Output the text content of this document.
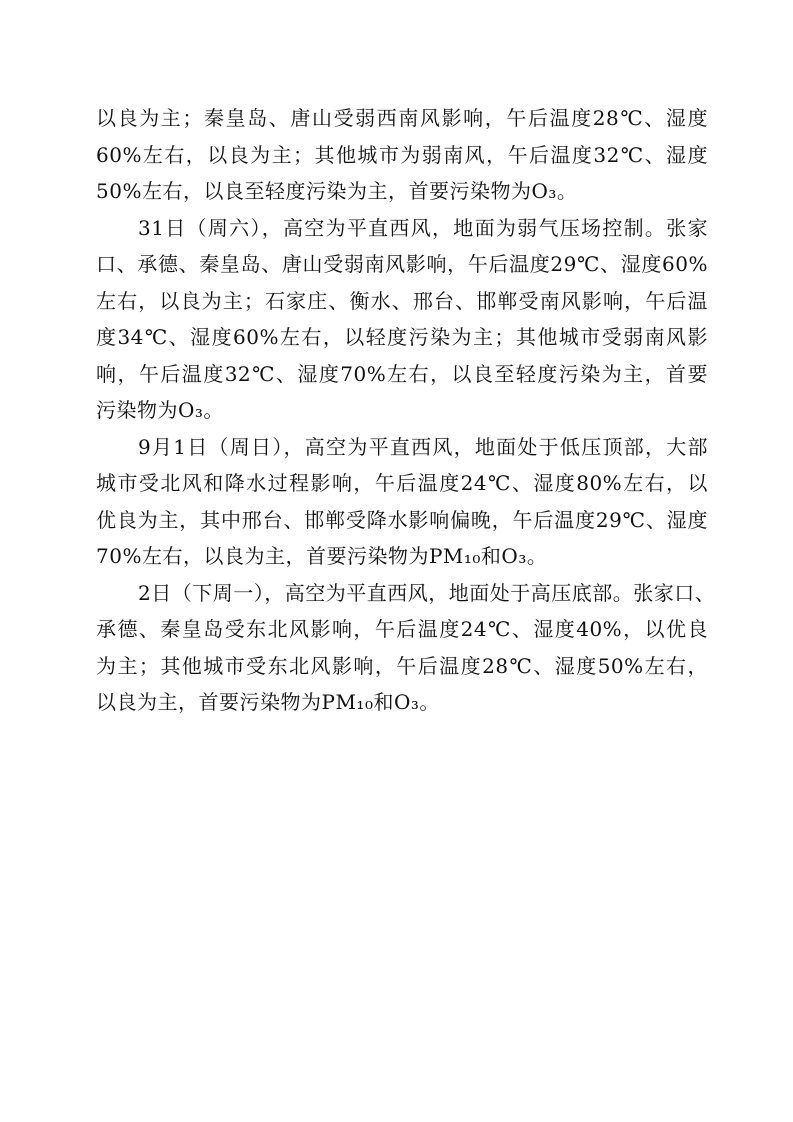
以良为主；秦皇岛、唐山受弱西南风影响，午后温度28℃、湿度
60%左右，以良为主；其他城市为弱南风，午后温度32℃、湿度
50%左右，以良至轻度污染为主，首要污染物为O₃。
31日（周六），高空为平直西风，地面为弱气压场控制。张家
口、承德、秦皇岛、唐山受弱南风影响，午后温度29℃、湿度60%
左右，以良为主；石家庄、衡水、邢台、邯郸受南风影响，午后温
度34℃、湿度60%左右，以轻度污染为主；其他城市受弱南风影
响，午后温度32℃、湿度70%左右，以良至轻度污染为主，首要
污染物为O₃。
9月1日（周日），高空为平直西风，地面处于低压顶部，大部
城市受北风和降水过程影响，午后温度24℃、湿度80%左右，以
优良为主，其中邢台、邯郸受降水影响偏晚，午后温度29℃、湿度
70%左右，以良为主，首要污染物为PM₁₀和O₃。
2日（下周一），高空为平直西风，地面处于高压底部。张家口、
承德、秦皇岛受东北风影响，午后温度24℃、湿度40%，以优良
为主；其他城市受东北风影响，午后温度28℃、湿度50%左右，
以良为主，首要污染物为PM₁₀和O₃。
